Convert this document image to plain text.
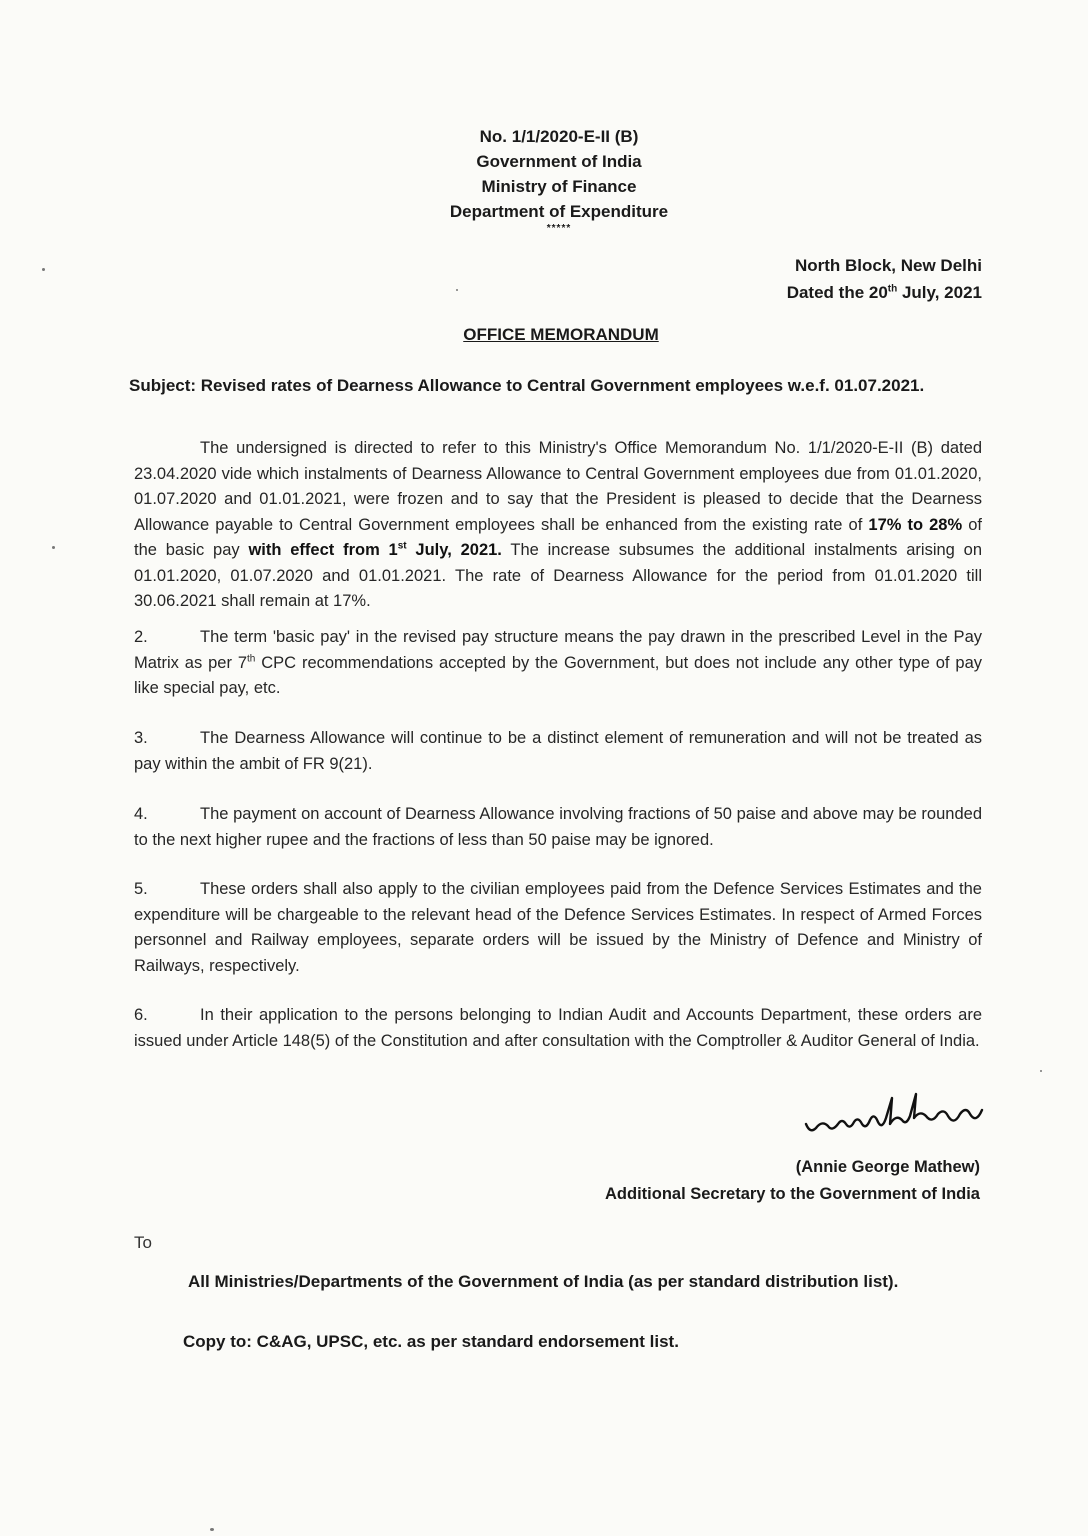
No. 1/1/2020-E-II (B)
Government of India
Ministry of Finance
Department of Expenditure
*****
North Block, New Delhi
Dated the 20th July, 2021
OFFICE MEMORANDUM
Subject: Revised rates of Dearness Allowance to Central Government employees w.e.f. 01.07.2021.
The undersigned is directed to refer to this Ministry's Office Memorandum No. 1/1/2020-E-II (B) dated 23.04.2020 vide which instalments of Dearness Allowance to Central Government employees due from 01.01.2020, 01.07.2020 and 01.01.2021, were frozen and to say that the President is pleased to decide that the Dearness Allowance payable to Central Government employees shall be enhanced from the existing rate of 17% to 28% of the basic pay with effect from 1st July, 2021. The increase subsumes the additional instalments arising on 01.01.2020, 01.07.2020 and 01.01.2021. The rate of Dearness Allowance for the period from 01.01.2020 till 30.06.2021 shall remain at 17%.
2.	The term 'basic pay' in the revised pay structure means the pay drawn in the prescribed Level in the Pay Matrix as per 7th CPC recommendations accepted by the Government, but does not include any other type of pay like special pay, etc.
3.	The Dearness Allowance will continue to be a distinct element of remuneration and will not be treated as pay within the ambit of FR 9(21).
4.	The payment on account of Dearness Allowance involving fractions of 50 paise and above may be rounded to the next higher rupee and the fractions of less than 50 paise may be ignored.
5.	These orders shall also apply to the civilian employees paid from the Defence Services Estimates and the expenditure will be chargeable to the relevant head of the Defence Services Estimates. In respect of Armed Forces personnel and Railway employees, separate orders will be issued by the Ministry of Defence and Ministry of Railways, respectively.
6.	In their application to the persons belonging to Indian Audit and Accounts Department, these orders are issued under Article 148(5) of the Constitution and after consultation with the Comptroller & Auditor General of India.
(Annie George Mathew)
Additional Secretary to the Government of India
To
All Ministries/Departments of the Government of India (as per standard distribution list).
Copy to: C&AG, UPSC, etc. as per standard endorsement list.
